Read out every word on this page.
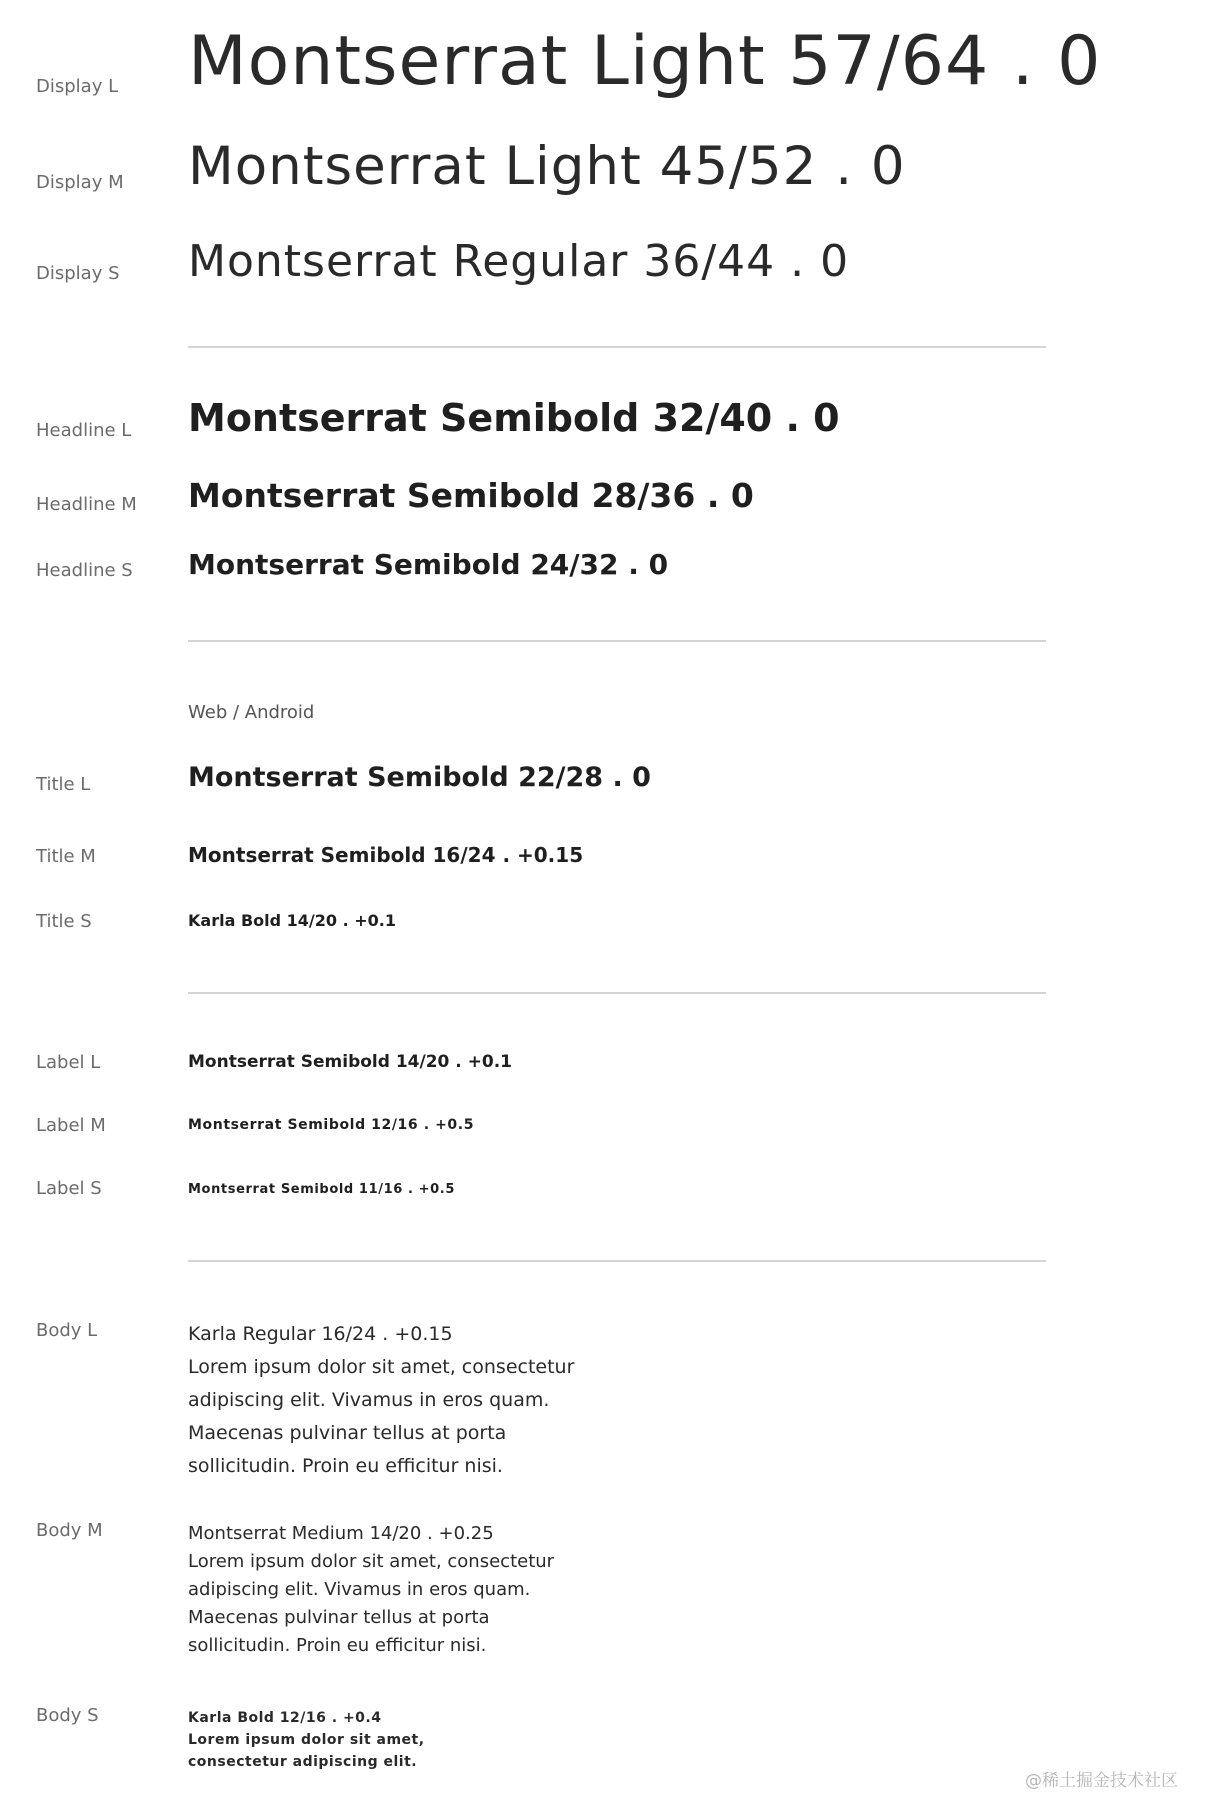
Display L Montserrat Light 57/64 . 0
Display M Montserrat Light 45/52 . 0
Display S Montserrat Regular 36/44 . 0
Headline L Montserrat Semibold 32/40 . 0
Headline M Montserrat Semibold 28/36 . 0
Headline S Montserrat Semibold 24/32 . 0
Web / Android
Title L	Montserrat Semibold 22/28 . 0
Title M	Montserrat Semibold 16/24 . +0.15
Title S	Karla Bold 14/20 . +0.1
Label L	Montserrat Semibold 14/20 . +0.1
Label M	Montserrat Semibold 12/16 . +0.5
Label S	Montserrat Semibold 11/16 . +0.5
Body L	Karla Regular 16/24 . +0.15
Lorem ipsum dolor sit amet, consectetur
adipiscing elit. Vivamus in eros quam.
Maecenas pulvinar tellus at porta
sollicitudin. Proin eu efficitur nisi.
Body M	Montserrat Medium 14/20 . +0.25
Lorem ipsum dolor sit amet, consectetur
adipiscing elit. Vivamus in eros quam.
Maecenas pulvinar tellus at porta
sollicitudin. Proin eu efficitur nisi.
Body S	Karla Bold 12/16 . +0.4
Lorem ipsum dolor sit amet,
consectetur adipiscing elit.
@稀土掘金技术社区
